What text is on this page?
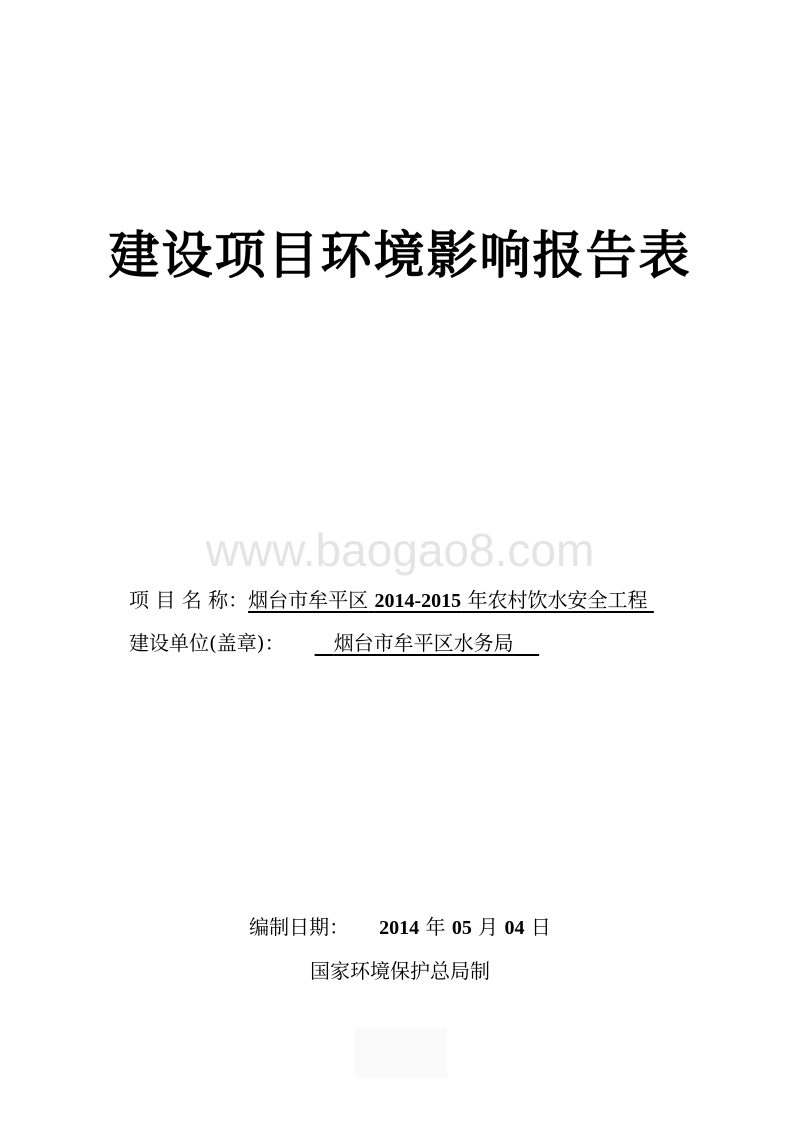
建设项目环境影响报告表
www.baogao8.com
项 目 名 称：烟台市牟平区 2014-2015 年农村饮水安全工程
建设单位(盖章)： 烟台市牟平区水务局
编制日期： 2014 年 05 月 04 日
国家环境保护总局制
